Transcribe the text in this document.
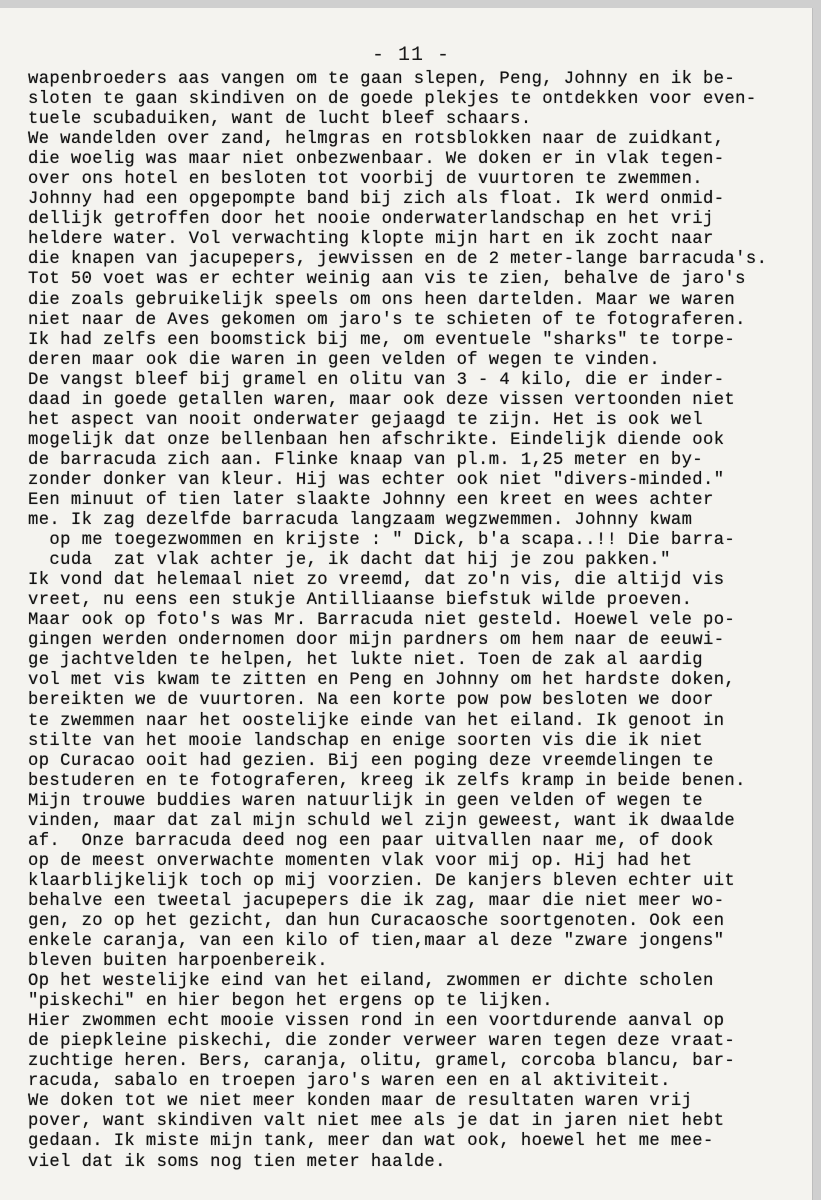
- 11 -
wapenbroeders aas vangen om te gaan slepen, Peng, Johnny en ik be-
sloten te gaan skindiven on de goede plekjes te ontdekken voor even-
tuele scubaduiken, want de lucht bleef schaars.
We wandelden over zand, helmgras en rotsblokken naar de zuidkant,
die woelig was maar niet onbezwenbaar. We doken er in vlak tegen-
over ons hotel en besloten tot voorbij de vuurtoren te zwemmen.
Johnny had een opgepompte band bij zich als float. Ik werd onmid-
dellijk getroffen door het nooie onderwaterlandschap en het vrij
heldere water. Vol verwachting klopte mijn hart en ik zocht naar
die knapen van jacupepers, jewvissen en de 2 meter-lange barracuda's.
Tot 50 voet was er echter weinig aan vis te zien, behalve de jaro's
die zoals gebruikelijk speels om ons heen dartelden. Maar we waren
niet naar de Aves gekomen om jaro's te schieten of te fotograferen.
Ik had zelfs een boomstick bij me, om eventuele "sharks" te torpe-
deren maar ook die waren in geen velden of wegen te vinden.
De vangst bleef bij gramel en olitu van 3 - 4 kilo, die er inder-
daad in goede getallen waren, maar ook deze vissen vertoonden niet
het aspect van nooit onderwater gejaagd te zijn. Het is ook wel
mogelijk dat onze bellenbaan hen afschrikte. Eindelijk diende ook
de barracuda zich aan. Flinke knaap van pl.m. 1,25 meter en by-
zonder donker van kleur. Hij was echter ook niet "divers-minded."
Een minuut of tien later slaakte Johnny een kreet en wees achter
me. Ik zag dezelfde barracuda langzaam wegzwemmen. Johnny kwam
op me toegezwommen en krijste : " Dick, b'a scapa..!! Die barra-
cuda  zat vlak achter je, ik dacht dat hij je zou pakken."
Ik vond dat helemaal niet zo vreemd, dat zo'n vis, die altijd vis
vreet, nu eens een stukje Antilliaanse biefstuk wilde proeven.
Maar ook op foto's was Mr. Barracuda niet gesteld. Hoewel vele po-
gingen werden ondernomen door mijn pardners om hem naar de eeuwi-
ge jachtvelden te helpen, het lukte niet. Toen de zak al aardig
vol met vis kwam te zitten en Peng en Johnny om het hardste doken,
bereikten we de vuurtoren. Na een korte pow pow besloten we door
te zwemmen naar het oostelijke einde van het eiland. Ik genoot in
stilte van het mooie landschap en enige soorten vis die ik niet
op Curacao ooit had gezien. Bij een poging deze vreemdelingen te
bestuderen en te fotograferen, kreeg ik zelfs kramp in beide benen.
Mijn trouwe buddies waren natuurlijk in geen velden of wegen te
vinden, maar dat zal mijn schuld wel zijn geweest, want ik dwaalde
af.  Onze barracuda deed nog een paar uitvallen naar me, of dook
op de meest onverwachte momenten vlak voor mij op. Hij had het
klaarblijkelijk toch op mij voorzien. De kanjers bleven echter uit
behalve een tweetal jacupepers die ik zag, maar die niet meer wo-
gen, zo op het gezicht, dan hun Curacaosche soortgenoten. Ook een
enkele caranja, van een kilo of tien,maar al deze "zware jongens"
bleven buiten harpoenbereik.
Op het westelijke eind van het eiland, zwommen er dichte scholen
"piskechi" en hier begon het ergens op te lijken.
Hier zwommen echt mooie vissen rond in een voortdurende aanval op
de piepkleine piskechi, die zonder verweer waren tegen deze vraat-
zuchtige heren. Bers, caranja, olitu, gramel, corcoba blancu, bar-
racuda, sabalo en troepen jaro's waren een en al aktiviteit.
We doken tot we niet meer konden maar de resultaten waren vrij
pover, want skindiven valt niet mee als je dat in jaren niet hebt
gedaan. Ik miste mijn tank, meer dan wat ook, hoewel het me mee-
viel dat ik soms nog tien meter haalde.
